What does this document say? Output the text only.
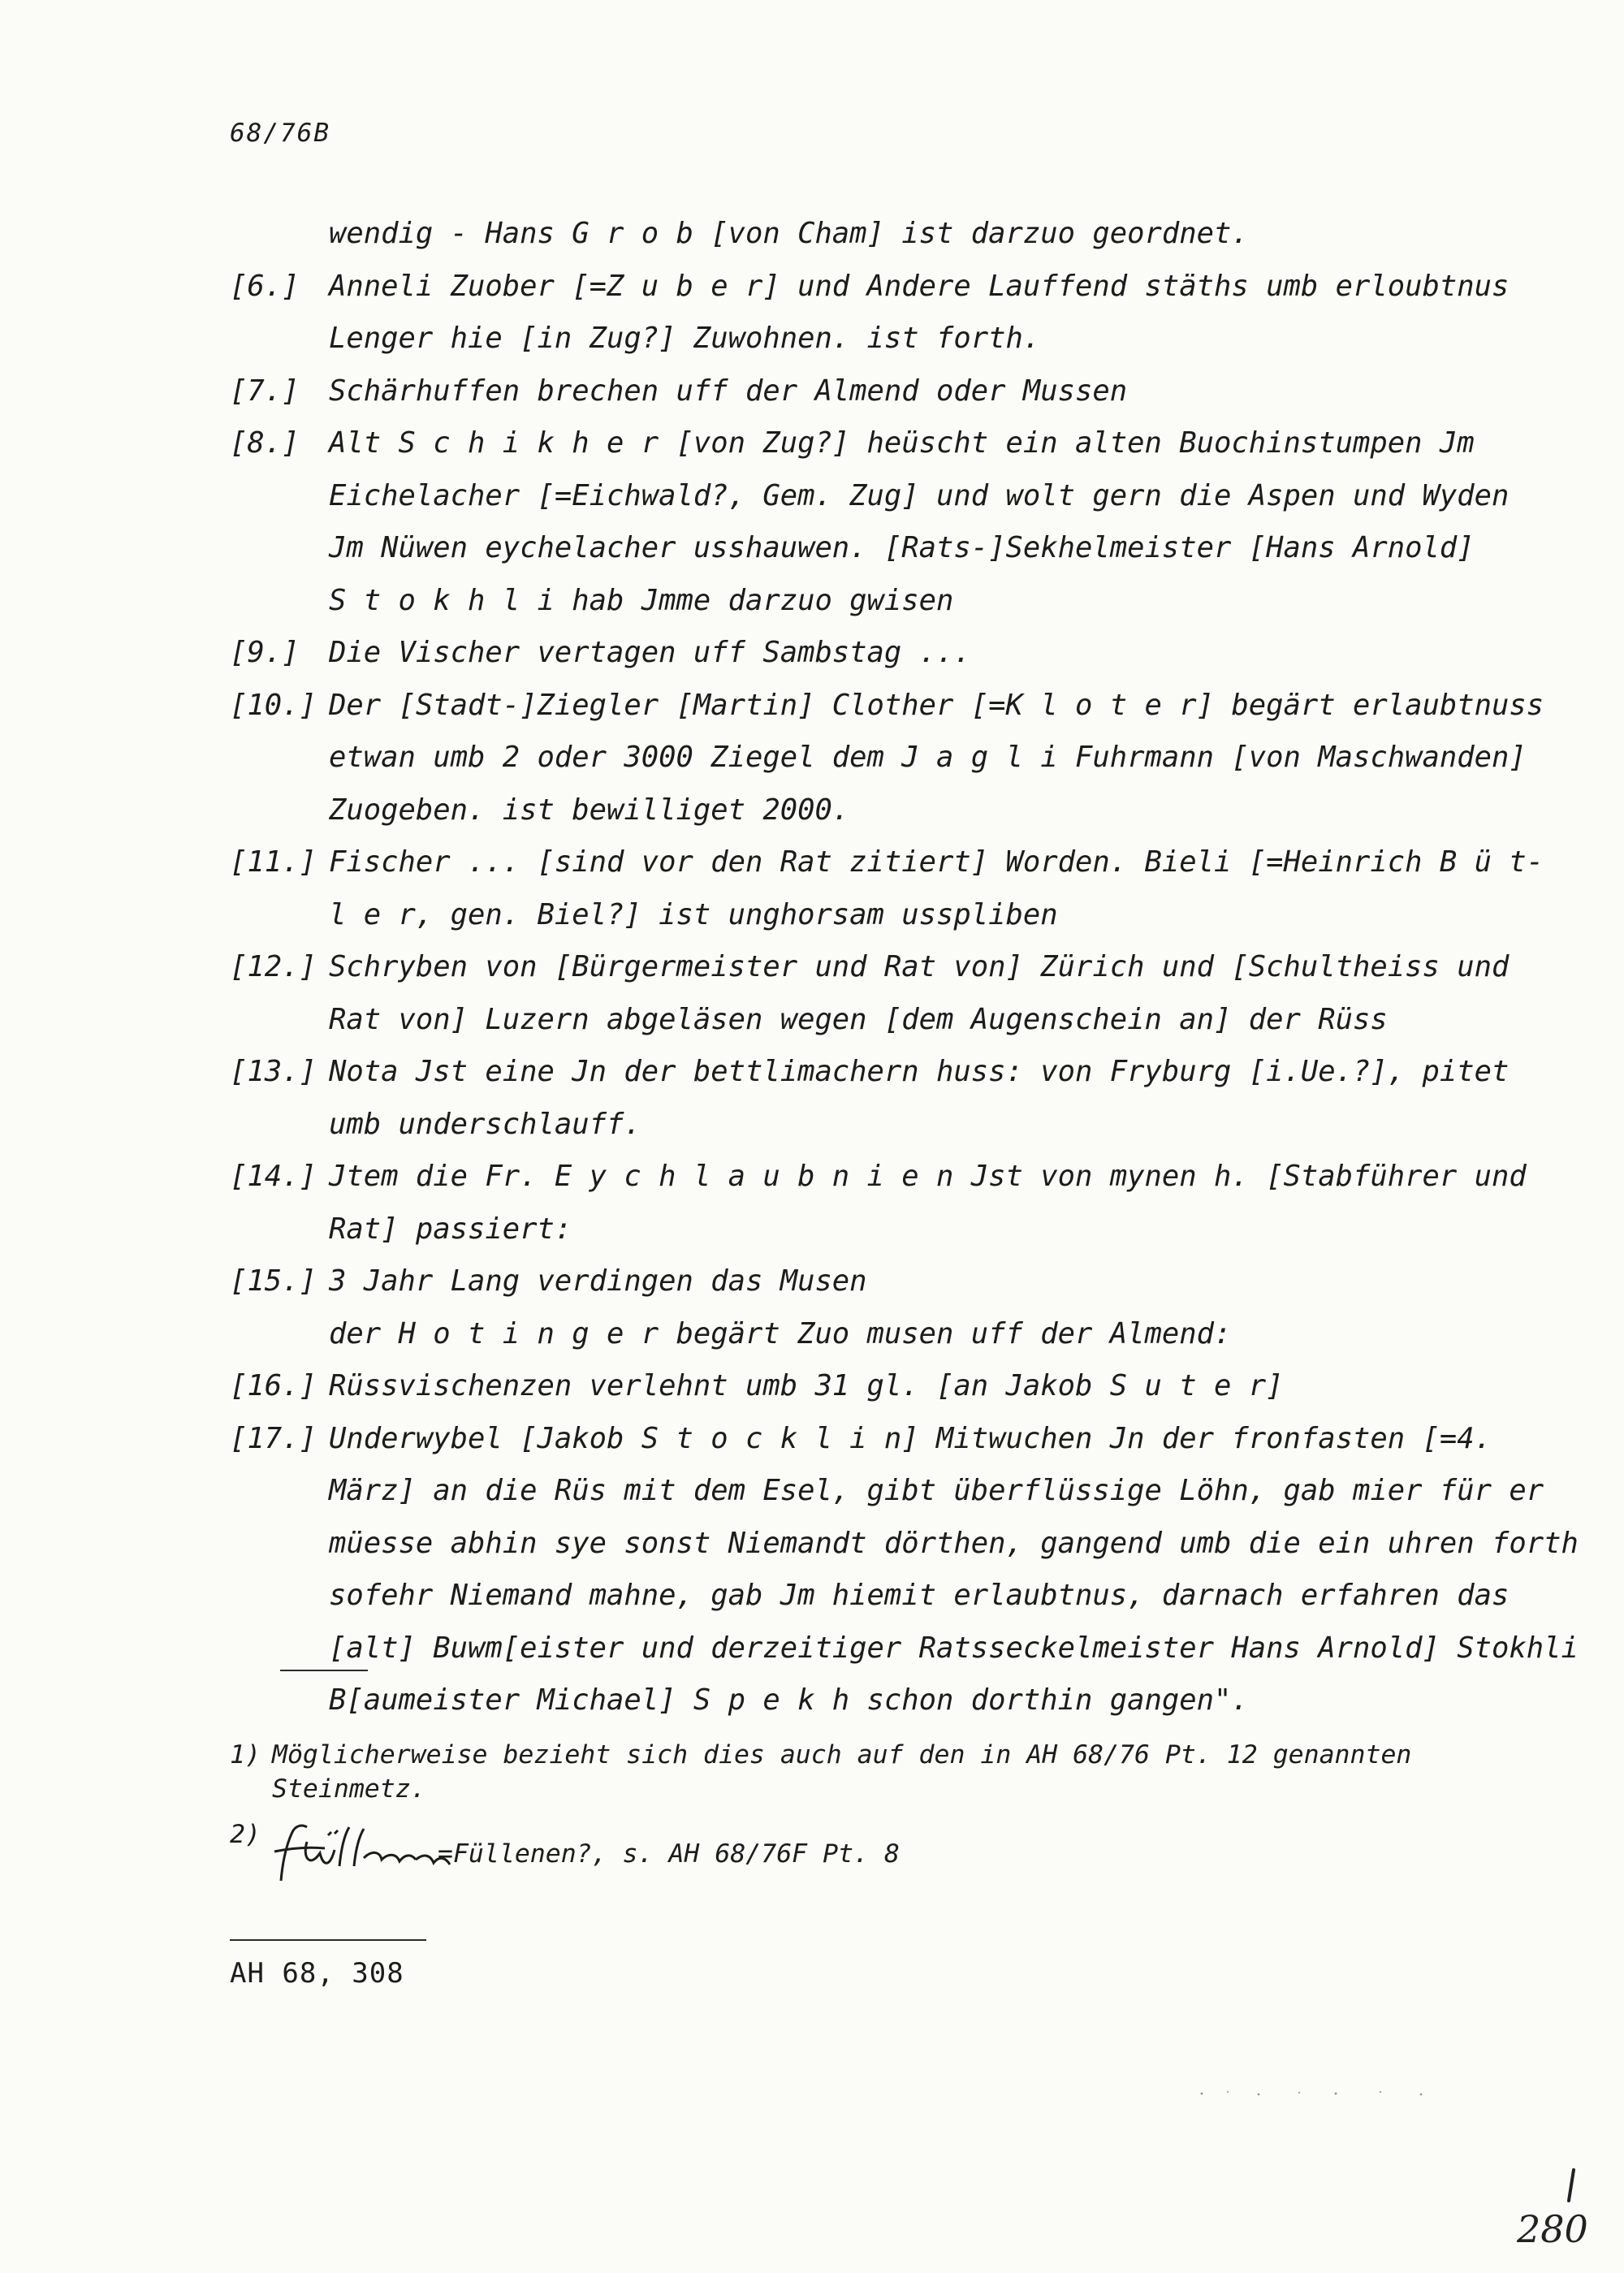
68/76B
wendig - Hans G r o b [von Cham] ist darzuo geordnet.
[6.] Anneli Zuober [=Z u b e r] und Andere Lauffend stäths umb erloubtnus
Lenger hie [in Zug?] Zuwohnen. ist forth.
[7.] Schärhuffen brechen uff der Almend oder Mussen
[8.] Alt S c h i k h e r [von Zug?] heüscht ein alten Buochinstumpen Jm
Eichelacher [=Eichwald?, Gem. Zug] und wolt gern die Aspen und Wyden
Jm Nüwen eychelacher usshauwen. [Rats-]Sekhelmeister [Hans Arnold]
S t o k h l i hab Jmme darzuo gwisen
[9.] Die Vischer vertagen uff Sambstag ...
[10.] Der [Stadt-]Ziegler [Martin] Clother [=K l o t e r] begärt erlaubtnuss
etwan umb 2 oder 3000 Ziegel dem J a g l i Fuhrmann [von Maschwanden]
Zuogeben. ist bewilliget 2000.
[11.] Fischer ... [sind vor den Rat zitiert] Worden. Bieli [=Heinrich B ü t-
l e r, gen. Biel?] ist unghorsam usspliben
[12.] Schryben von [Bürgermeister und Rat von] Zürich und [Schultheiss und
Rat von] Luzern abgeläsen wegen [dem Augenschein an] der Rüss
[13.] Nota Jst eine Jn der bettlimachern huss: von Fryburg [i.Ue.?], pitet
umb underschlauff.
[14.] Jtem die Fr. E y c h l a u b n i e n Jst von mynen h. [Stabführer und
Rat] passiert:
[15.] 3 Jahr Lang verdingen das Musen
der H o t i n g e r begärt Zuo musen uff der Almend:
[16.] Rüssvischenzen verlehnt umb 31 gl. [an Jakob S u t e r]
[17.] Underwybel [Jakob S t o c k l i n] Mitwuchen Jn der fronfasten [=4.
März] an die Rüs mit dem Esel, gibt überflüssige Löhn, gab mier für er
müesse abhin sye sonst Niemandt dörthen, gangend umb die ein uhren forth
sofehr Niemand mahne, gab Jm hiemit erlaubtnus, darnach erfahren das
[alt] Buwm[eister und derzeitiger Ratsseckelmeister Hans Arnold] Stokhli
B[aumeister Michael] S p e k h schon dorthin gangen".
1) Möglicherweise bezieht sich dies auch auf den in AH 68/76 Pt. 12 genannten Steinmetz.
2)
=Füllenen?, s. AH 68/76F Pt. 8
AH 68, 308
280
